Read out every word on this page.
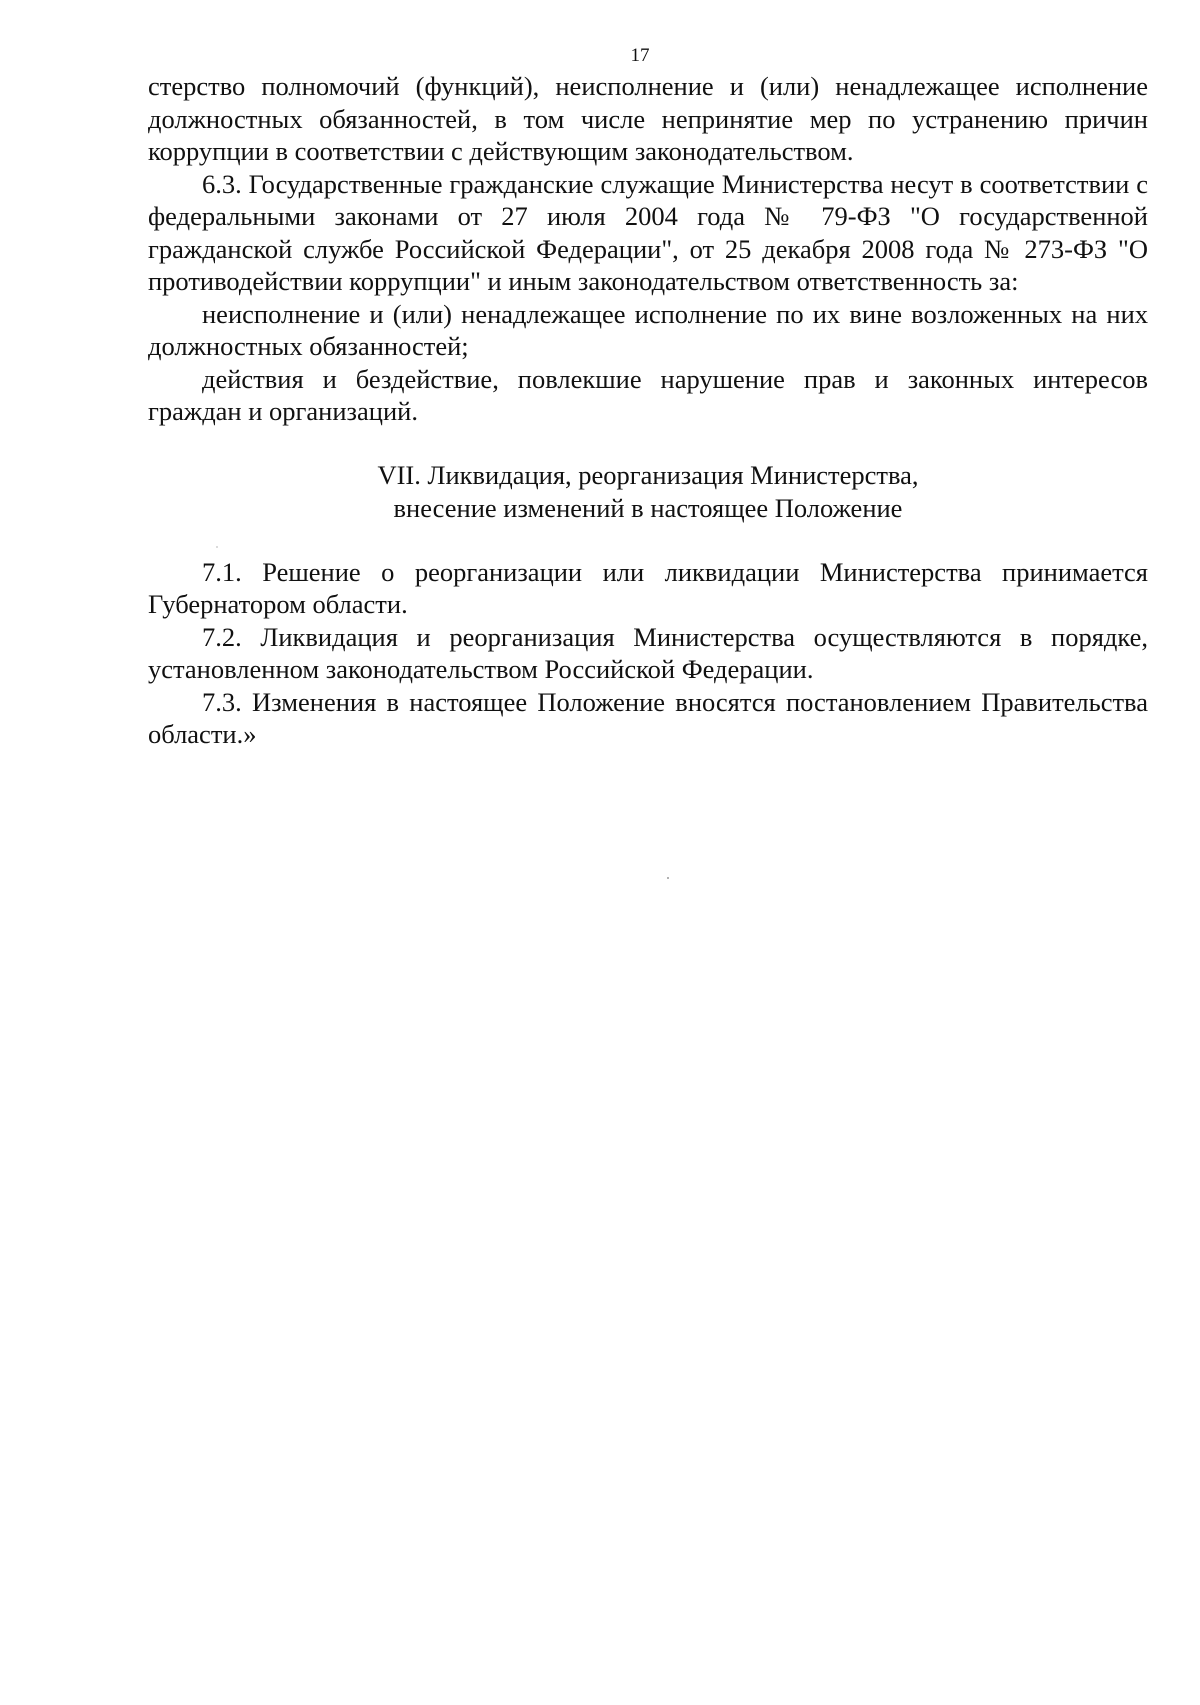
17

стерство полномочий (функций), неисполнение и (или) ненадлежащее исполнение должностных обязанностей, в том числе непринятие мер по устранению причин коррупции в соответствии с действующим законодательством.

6.3. Государственные гражданские служащие Министерства несут в соответствии с федеральными законами от 27 июля 2004 года № 79-ФЗ "О государственной гражданской службе Российской Федерации", от 25 декабря 2008 года № 273-ФЗ "О противодействии коррупции" и иным законодательством ответственность за:

неисполнение и (или) ненадлежащее исполнение по их вине возложенных на них должностных обязанностей;

действия и бездействие, повлекшие нарушение прав и законных интересов граждан и организаций.

VII. Ликвидация, реорганизация Министерства,
внесение изменений в настоящее Положение

7.1. Решение о реорганизации или ликвидации Министерства принимается Губернатором области.

7.2. Ликвидация и реорганизация Министерства осуществляются в порядке, установленном законодательством Российской Федерации.

7.3. Изменения в настоящее Положение вносятся постановлением Правительства области.»
